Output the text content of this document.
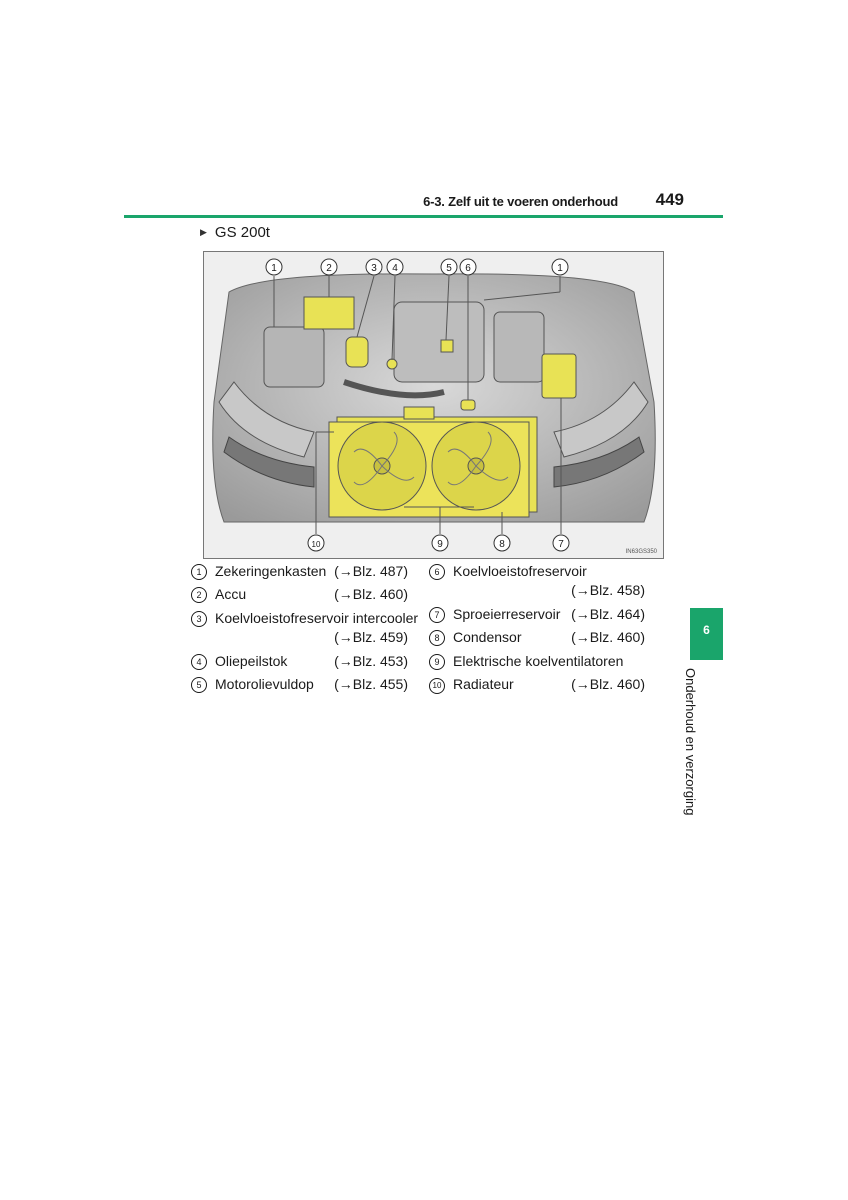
6-3. Zelf uit te voeren onderhoud	449
▶ GS 200t
1	2	3 4	5 6	1
10	9	8	7
IN63GS350
1 Zekeringenkasten (→Blz. 487)
2 Accu	(→Blz. 460)
3 Koelvloeistofreservoir intercooler
(→Blz. 459)
4 Oliepeilstok	(→Blz. 453)
5 Motorolievuldop	(→Blz. 455)
6 Koelvloeistofreservoir
(→Blz. 458)
7 Sproeierreservoir (→Blz. 464)
8 Condensor	(→Blz. 460)
9 Elektrische koelventilatoren
10 Radiateur	(→Blz. 460)
6
Onderhoud en verzorging
